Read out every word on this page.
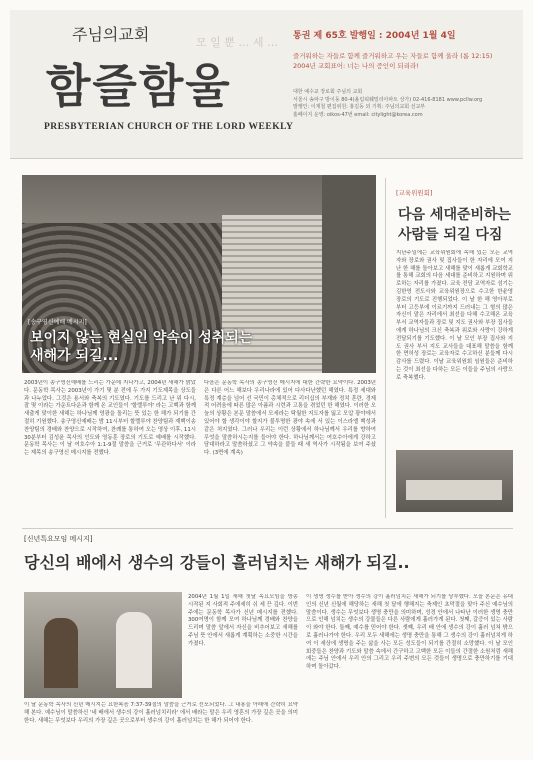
모 일 뿐 … 세 …
주님의교회
함즐함울
PRESBYTERIAN CHURCH OF THE LORD WEEKLY
통권 제 65호 발행일 : 2004년 1월 4일
즐거워하는 자들로 함께 즐거워하고 우는 자들로 함께 울라 (롬 12:15)
2004년 교회표어: 너는 나의 증인이 되리라!
대한 예수교 장로회 주님의 교회
서울시 송파구 방이동 80-4(올림픽훼밀리아파트 상가) 02-416-8181 www.pcllw.org
발행인: 이재철 편집위원: 홍길동 외 기획: 주님의교회 선교부
홈페이지 운영: oikos-47번 email: citylight@korea.com
[송구영신예배 메시지]
보이지 않는 현실인 약속이 성취되는
새해가 되길...
2003년이 송구영신예배를 드리는 가운데 지나가고, 2004년 새해가 밝았다. 문동학 목사는 2003년이 가기 몇 분 전에 두 가지 기도제목을 상도들과 나누었다. 그것은 용서와 축복의 기도였다. 기도를 드리고 난 위 다시, 잘 몇 이라는 가운트다운과 함께 온 교인들이 '할렐루야' 라는 고백과 함께 새출게 맞이한 새해는 하나님께 영광을 돌리는 뜻 있는 한 해가 되기를 간절히 기원했다. 송구영신예배는 밤 11시부터 할렐루야 찬양팀과 재백이송 찬양팀의 경배와 찬양으로 시작하여, 찬례를 통하여 오는 영상 이후, 11시 30분부터 김성윤 목사의 인도와 영동훈 장로의 기도로 예배를 시작했다. 문동학 목사는 이 날 여호수아 1:1-9절 말씀을 근거로 '무관하다서' 이라는 제목의 송구영신 메시지를 전했다.
다음은 문동학 목사의 송구영신 메시지에 대한 간략한 요약이다. 2003년은 다른 어느 해보다 우리나라에 있어 다사다난했던 해였다. 특정 세대와 특정 계층을 넘어 선 국민이 총체적으로 리더십의 부재와 정치 혼란, 경제적 어려움에 따른 많은 아픔과 시련과 고통을 겪었던 한 해였다. 이러한 오늘의 상황은 본문 말씀에서 모세라는 탁월한 지도자를 잃고 모압 광야에서 있어야 할 생각이야 할지가 불투명한 광야 속에 서 있는 이스라엘 백성과 같은 처지였다. 그러나 우리는 이런 상황에서 하나님께서 우리를 향하여 무엇을 말씀하시는지를 들어야 한다. 하나님께서는 여호수아에게 강하고 담대하라고 말씀하셨고 그 약속을 붙들 때 새 역사가 시작됨을 보여 주셨다. (3면에 계속)
[교육위원회]
다음 세대준비하는
사람들 되길 다짐
지난주일에는 교육위원회에 속해 있는 모든 교역자와 장로와 권사 및 집사들이 한 자리에 모여 지난 한 해를 돌아보고 새해를 맞이 새롭게 교회학교를 통해 교회의 다음 세대를 준비하고 지원하며 위로하는 자리를 가졌다. 교육 전담 교역자로 섬기는 김한영 전도사와 교육위원장으로 수고한 한윤영 장로의 기도로 진행되었다. 이 날 한 해 영아부로부터 고등부에 이르기까지 드러내는 그 형의 많은 자신이 맡은 자리에서 최선을 다해 수고해온 교육부서 교역자들과 장로 및 지도 권사와 부장 집사들에게 하나님의 크신 축복과 위로와 사랑이 강하게 전달되기를 기도했다. 이 날 모인 부장 집사와 지도 권사 부서 지도 교사들을 대표해 말씀을 함께 한 면허성 장로는 교육자로 수고하신 분들께 다시 감사를 드렸다. 이날 교육위원회 임원들은 준비하는 것이 최선을 다하는 모든 이들을 주님의 사랑으로 축복했다.
[신년특요모임 메시지]
당신의 배에서 생수의 강들이 흘러넘치는 새해가 되길..
2004년 1월 1일 새해 첫날 목요모임을 방송 시작된 지 사회적 주에세히 쉬 세 끈 깊다. 이번주에는 문동학 목사가 신년 메시지를 전했다. 300여명이 함께 모여 하나님께 경배와 찬양을 드리며 말씀 앞에서 자신을 비추어보고 새해를 주님 뜻 안에서 새롭게 계획하는 소중한 시간을 가졌다.
이 날 문동학 목사의 신년 메시지는 요한복음 7:37-39절의 말씀을 근거로 선포되었다. 그 내용을 아래에 간략히 요약해 본다. 예수님이 말씀하신 '네 배에서 생수의 강이 흘러넘치리라' 에서 배라는 말은 우리 영혼의 가장 깊은 곳을 의미한다. 새해는 무엇보다 우리의 가장 깊은 곳으로부터 생수의 강이 흘러넘치는 한 해가 되어야 한다.
이 생명 생수를 받아 생수의 강이 흘러넘치는 새해가 되기를 당부했다. 오늘 본문은 유대인의 신년 신월에 해당하는 새해 첫 달에 행해지는 축제인 초막절을 맞아 주신 예수님의 말씀이다. 생수는 무엇보다 생명 충만을 의미하며, 성경 안에서 나타난 이러한 생명 충만으로 인해 넘치는 생수의 강물들은 다른 사람에게 흘러가게 된다. 첫째, 갈증이 있는 사람이 와야 한다. 둘째, 예수를 믿어야 한다. 셋째, 우리 배 안에 생수의 강이 흘러 넘쳐 밖으로 흘러나가야 한다. 우리 모두 새해에는 생명 충만을 통해 그 생수의 강이 흘러넘치게 하여 이 세상에 생명을 주는 삶을 사는 모든 성도들이 되기를 간절히 소망했다. 이 날 모인 회중들은 찬양과 기도와 말씀 속에서 간구하고 고백한 모든 이들의 간절한 소원처럼 새해에는 주님 안에서 우리 안의 그리고 우리 주변의 모든 것들이 생명으로 충만하기를 기대하며 돌아갔다.
